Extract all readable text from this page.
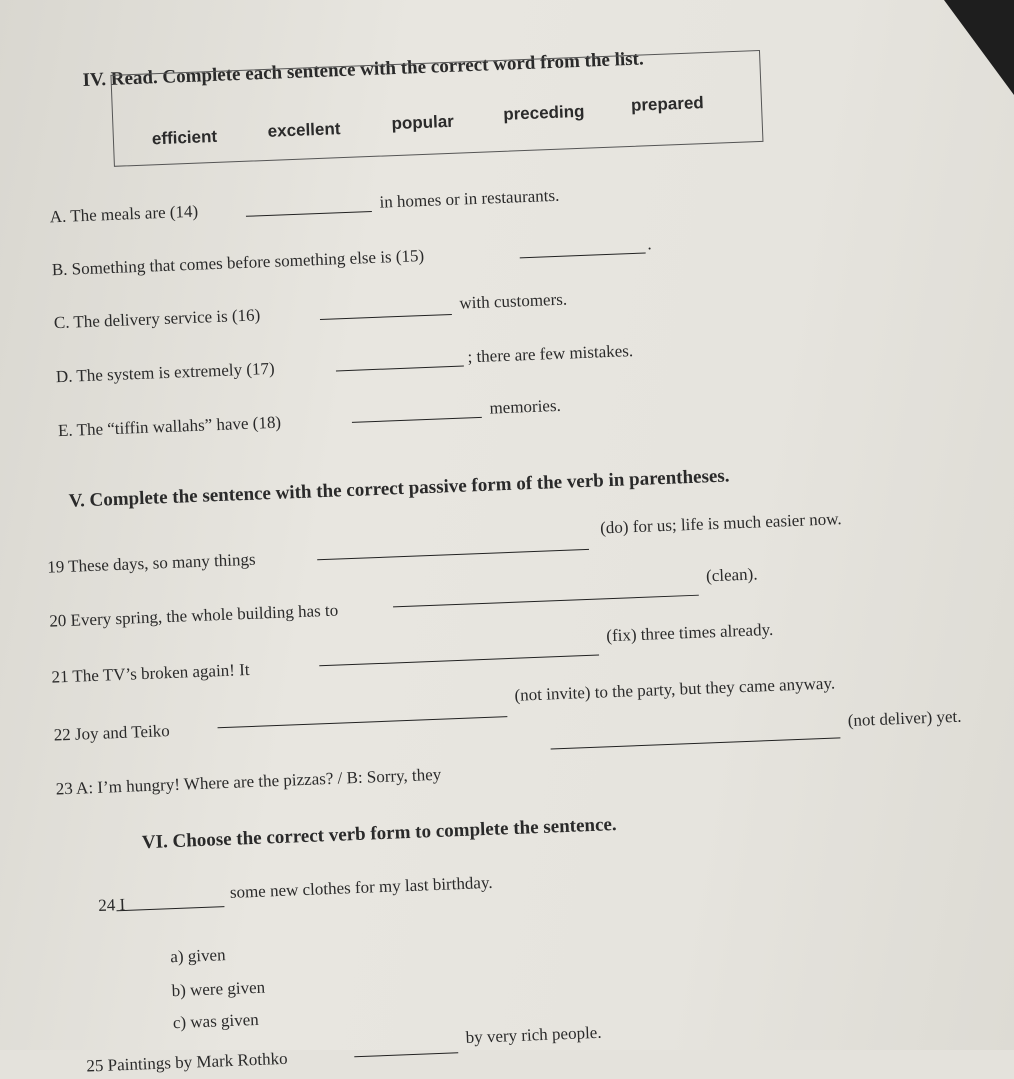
IV. Read. Complete each sentence with the correct word from the list.
efficient	excellent	popular	preceding	prepared
A. The meals are (14)
in homes or in restaurants.
B. Something that comes before something else is (15)
.
C. The delivery service is (16)
with customers.
D. The system is extremely (17)
; there are few mistakes.
E. The “tiffin wallahs” have (18)
memories.
V. Complete the sentence with the correct passive form of the verb in parentheses.
19 These days, so many things
(do) for us; life is much easier now.
20 Every spring, the whole building has to
(clean).
21 The TV’s broken again! It
(fix) three times already.
22 Joy and Teiko
(not invite) to the party, but they came anyway.
23 A: I’m hungry! Where are the pizzas? / B: Sorry, they
(not deliver) yet.
VI. Choose the correct verb form to complete the sentence.
24 I
some new clothes for my last birthday.
a) given
b) were given
c) was given
25 Paintings by Mark Rothko
by very rich people.
